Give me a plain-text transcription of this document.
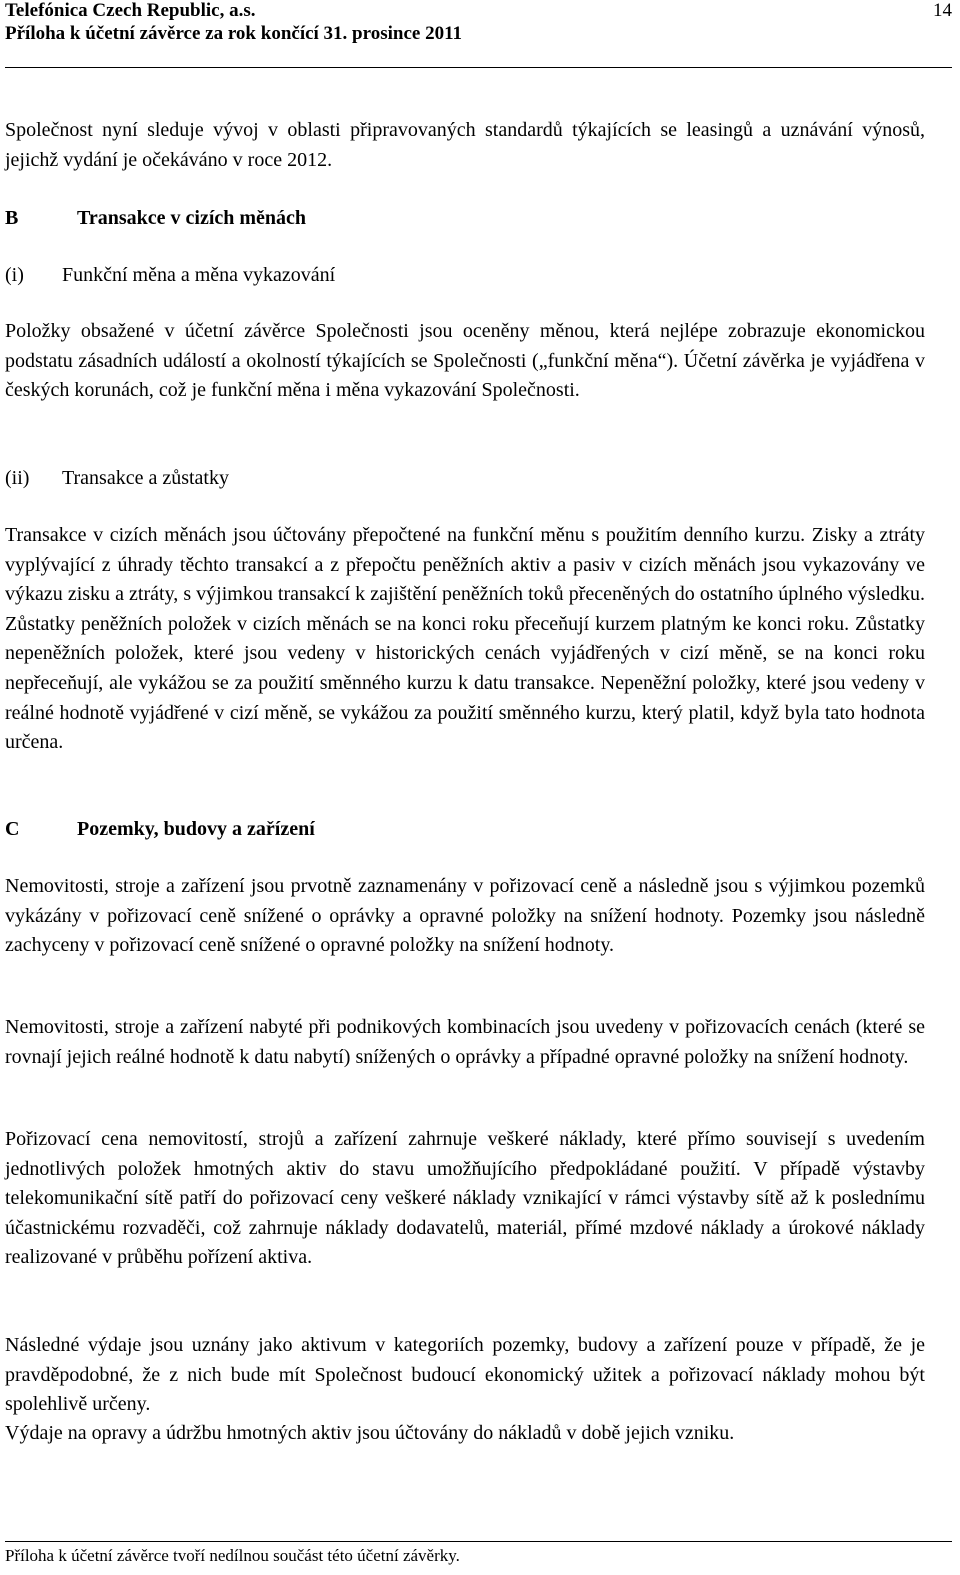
Telefónica Czech Republic, a.s.
Příloha k účetní závěrce za rok končící 31. prosince 2011
14

Společnost nyní sleduje vývoj v oblasti připravovaných standardů týkajících se leasingů a uznávání výnosů, jejichž vydání je očekáváno v roce 2012.

B	Transakce v cizích měnách
(i)	Funkční měna a měna vykazování

Položky obsažené v účetní závěrce Společnosti jsou oceněny měnou, která nejlépe zobrazuje ekonomickou podstatu zásadních událostí a okolností týkajících se Společnosti („funkční měna“). Účetní závěrka je vyjádřena v českých korunách, což je funkční měna i měna vykazování Společnosti.

(ii)	Transakce a zůstatky

Transakce v cizích měnách jsou účtovány přepočtené na funkční měnu s použitím denního kurzu. Zisky a ztráty vyplývající z úhrady těchto transakcí a z přepočtu peněžních aktiv a pasiv v cizích měnách jsou vykazovány ve výkazu zisku a ztráty, s výjimkou transakcí k zajištění peněžních toků přeceněných do ostatního úplného výsledku. Zůstatky peněžních položek v cizích měnách se na konci roku přeceňují kurzem platným ke konci roku. Zůstatky nepeněžních položek, které jsou vedeny v historických cenách vyjádřených v cizí měně, se na konci roku nepřeceňují, ale vykážou se za použití směnného kurzu k datu transakce. Nepeněžní položky, které jsou vedeny v reálné hodnotě vyjádřené v cizí měně, se vykážou za použití směnného kurzu, který platil, když byla tato hodnota určena.

C	Pozemky, budovy a zařízení

Nemovitosti, stroje a zařízení jsou prvotně zaznamenány v pořizovací ceně a následně jsou s výjimkou pozemků vykázány v pořizovací ceně snížené o oprávky a opravné položky na snížení hodnoty. Pozemky jsou následně zachyceny v pořizovací ceně snížené o opravné položky na snížení hodnoty.

Nemovitosti, stroje a zařízení nabyté při podnikových kombinacích jsou uvedeny v pořizovacích cenách (které se rovnají jejich reálné hodnotě k datu nabytí) snížených o oprávky a případné opravné položky na snížení hodnoty.

Pořizovací cena nemovitostí, strojů a zařízení zahrnuje veškeré náklady, které přímo souvisejí s uvedením jednotlivých položek hmotných aktiv do stavu umožňujícího předpokládané použití. V případě výstavby telekomunikační sítě patří do pořizovací ceny veškeré náklady vznikající v rámci výstavby sítě až k poslednímu účastnickému rozvaděči, což zahrnuje náklady dodavatelů, materiál, přímé mzdové náklady a úrokové náklady realizované v průběhu pořízení aktiva.

Následné výdaje jsou uznány jako aktivum v kategoriích pozemky, budovy a zařízení pouze v případě, že je pravděpodobné, že z nich bude mít Společnost budoucí ekonomický užitek a pořizovací náklady mohou být spolehlivě určeny.

Výdaje na opravy a údržbu hmotných aktiv jsou účtovány do nákladů v době jejich vzniku.

Příloha k účetní závěrce tvoří nedílnou součást této účetní závěrky.
